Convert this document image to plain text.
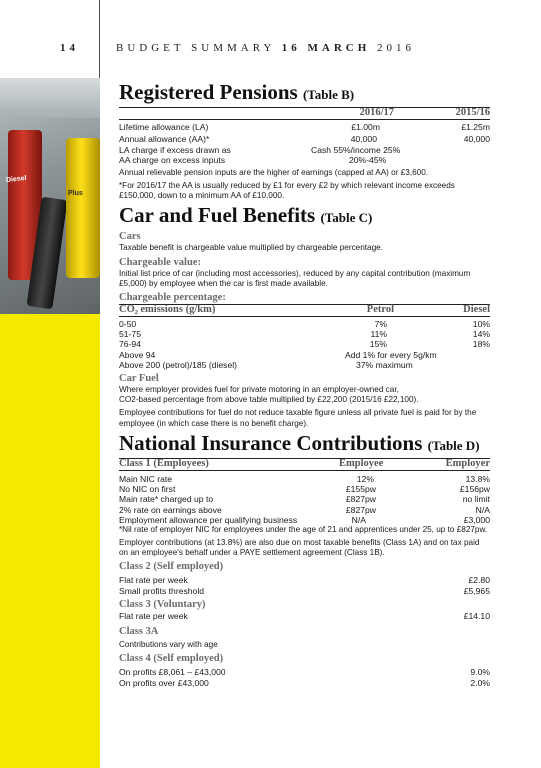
Diesel
Plus
14	BUDGET SUMMARY 16 MARCH 2016
Registered Pensions (Table B)
2016/17	2015/16
Lifetime allowance (LA)	£1.00m	£1.25m
Annual allowance (AA)*	40,000	40,000
LA charge if excess drawn as	Cash 55%/income 25%
AA charge on excess inputs	20%-45%
Annual relievable pension inputs are the higher of earnings (capped at AA) or £3,600.
*For 2016/17 the AA is usually reduced by £1 for every £2 by which relevant income exceeds £150,000, down to a minimum AA of £10,000.
Car and Fuel Benefits (Table C)
Cars
Taxable benefit is chargeable value multiplied by chargeable percentage.
Chargeable value:
Initial list price of car (including most accessories), reduced by any capital contribution (maximum £5,000) by employee when the car is first made available.
Chargeable percentage:
$CO_2$ emissions (g/km)	Petrol	Diesel
0-50	7%	10%
51-75	11%	14%
76-94	15%	18%
Above 94	Add 1% for every 5g/km
Above 200 (petrol)/185 (diesel)	37% maximum
Car Fuel
Where employer provides fuel for private motoring in an employer-owned car,
CO2-based percentage from above table multiplied by £22,200 (2015/16 £22,100).
Employee contributions for fuel do not reduce taxable figure unless all private fuel is paid for by the employee (in which case there is no benefit charge).
National Insurance Contributions (Table D)
Class 1 (Employees)	Employee	Employer
Main NIC rate	12%	13.8%
No NIC on first	£155pw	£156pw
Main rate* charged up to	£827pw	no limit
2% rate on earnings above	£827pw	N/A
Employment allowance per qualifying business	N/A	£3,000
*Nil rate of employer NIC for employees under the age of 21 and apprentices under 25, up to £827pw.
Employer contributions (at 13.8%) are also due on most taxable benefits (Class 1A) and on tax paid on an employee's behalf under a PAYE settlement agreement (Class 1B).
Class 2 (Self employed)
Flat rate per week	£2.80
Small profits threshold	£5,965
Class 3 (Voluntary)
Flat rate per week	£14.10
Class 3A
Contributions vary with age
Class 4 (Self employed)
On profits £8,061 – £43,000	9.0%
On profits over £43,000	2.0%
